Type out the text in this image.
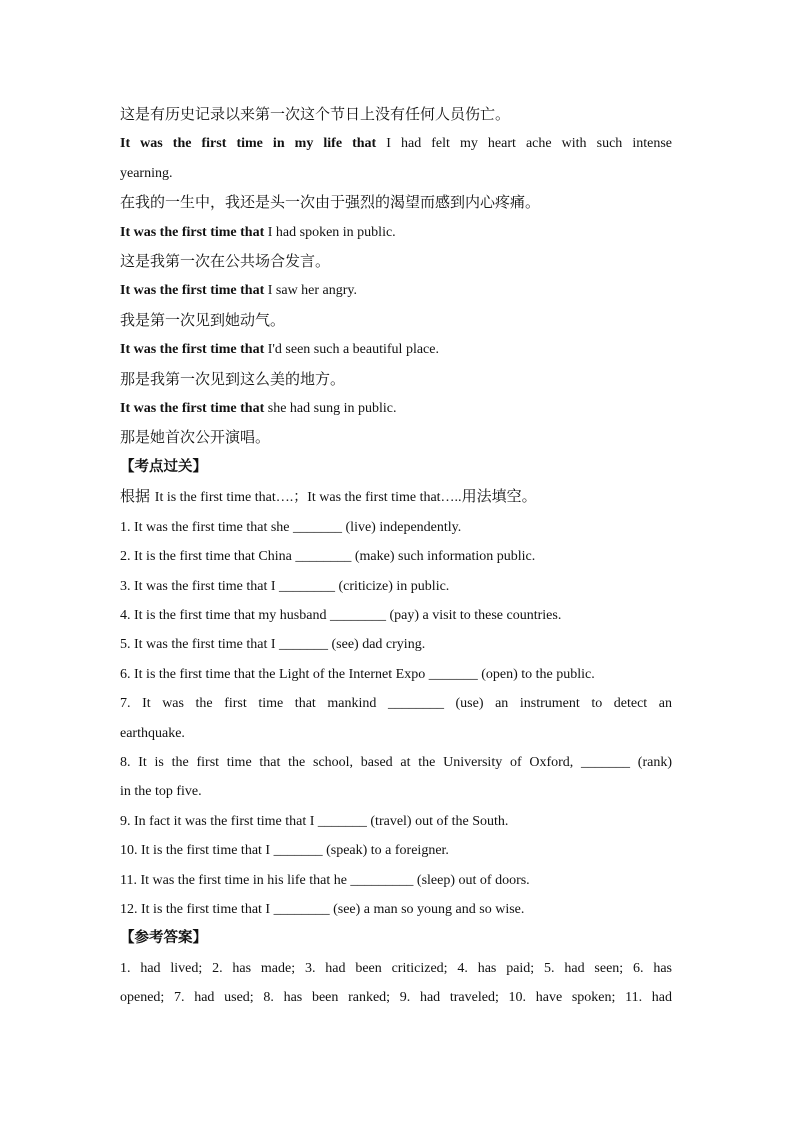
这是有历史记录以来第一次这个节日上没有任何人员伤亡。
It was the first time in my life that I had felt my heart ache with such intense
yearning.
在我的一生中，我还是头一次由于强烈的渴望而感到内心疼痛。
It was the first time that I had spoken in public.
这是我第一次在公共场合发言。
It was the first time that I saw her angry.
我是第一次见到她动气。
It was the first time that I'd seen such a beautiful place.
那是我第一次见到这么美的地方。
It was the first time that she had sung in public.
那是她首次公开演唱。
【考点过关】
根据 It is the first time that….；It was the first time that…..用法填空。
1. It was the first time that she _______ (live) independently.
2. It is the first time that China ________ (make) such information public.
3. It was the first time that I ________ (criticize) in public.
4. It is the first time that my husband ________ (pay) a visit to these countries.
5. It was the first time that I _______ (see) dad crying.
6. It is the first time that the Light of the Internet Expo _______ (open) to the public.
7. It was the first time that mankind ________ (use) an instrument to detect an
earthquake.
8. It is the first time that the school, based at the University of Oxford, _______ (rank)
in the top five.
9. In fact it was the first time that I _______ (travel) out of the South.
10. It is the first time that I _______ (speak) to a foreigner.
11. It was the first time in his life that he _________ (sleep) out of doors.
12. It is the first time that I ________ (see) a man so young and so wise.
【参考答案】
1. had lived; 2. has made; 3. had been criticized; 4. has paid; 5. had seen; 6. has
opened; 7. had used; 8. has been ranked; 9. had traveled; 10. have spoken; 11. had
